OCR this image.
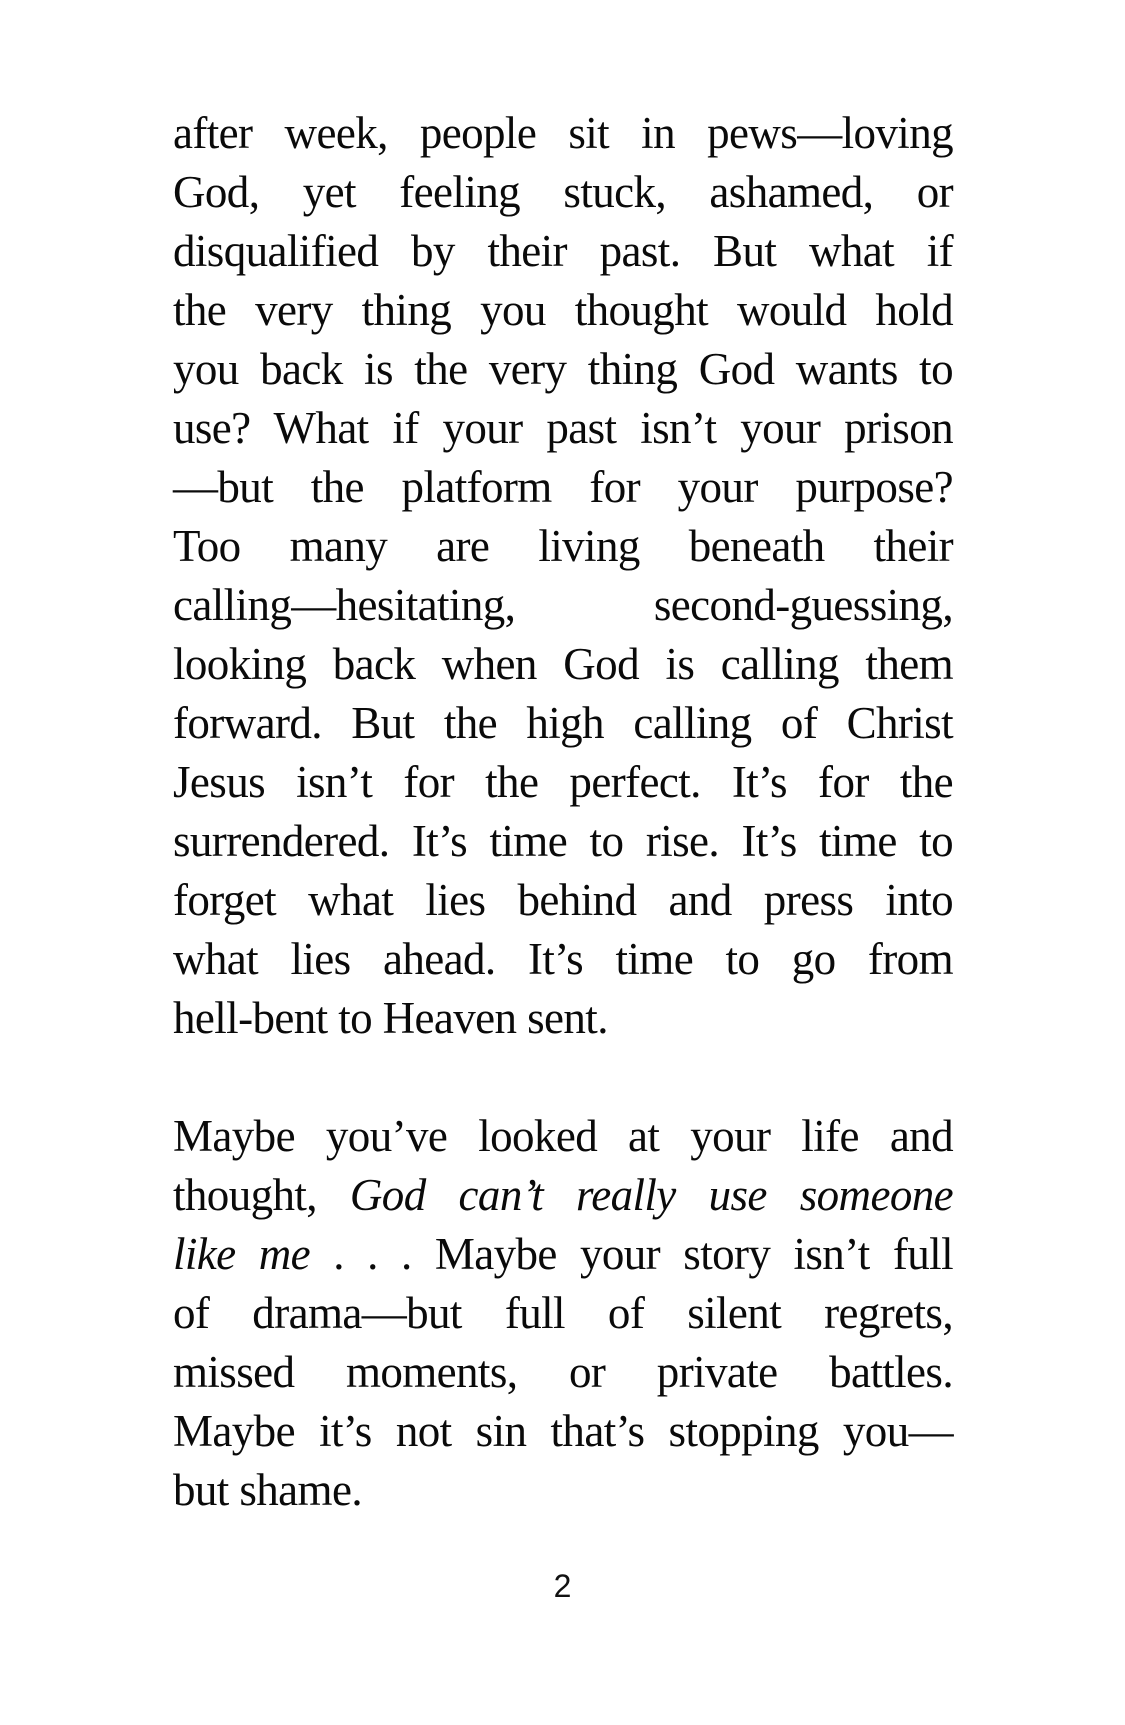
after week, people sit in pews—loving
God, yet feeling stuck, ashamed, or
disqualified by their past. But what if
the very thing you thought would hold
you back is the very thing God wants to
use? What if your past isn’t your prison
—but the platform for your purpose?
Too many are living beneath their
calling—hesitating, second-guessing,
looking back when God is calling them
forward. But the high calling of Christ
Jesus isn’t for the perfect. It’s for the
surrendered. It’s time to rise. It’s time to
forget what lies behind and press into
what lies ahead. It’s time to go from
hell-bent to Heaven sent.
Maybe you’ve looked at your life and
thought, God can’t really use someone
like me . . . Maybe your story isn’t full
of drama—but full of silent regrets,
missed moments, or private battles.
Maybe it’s not sin that’s stopping you—
but shame.
2
